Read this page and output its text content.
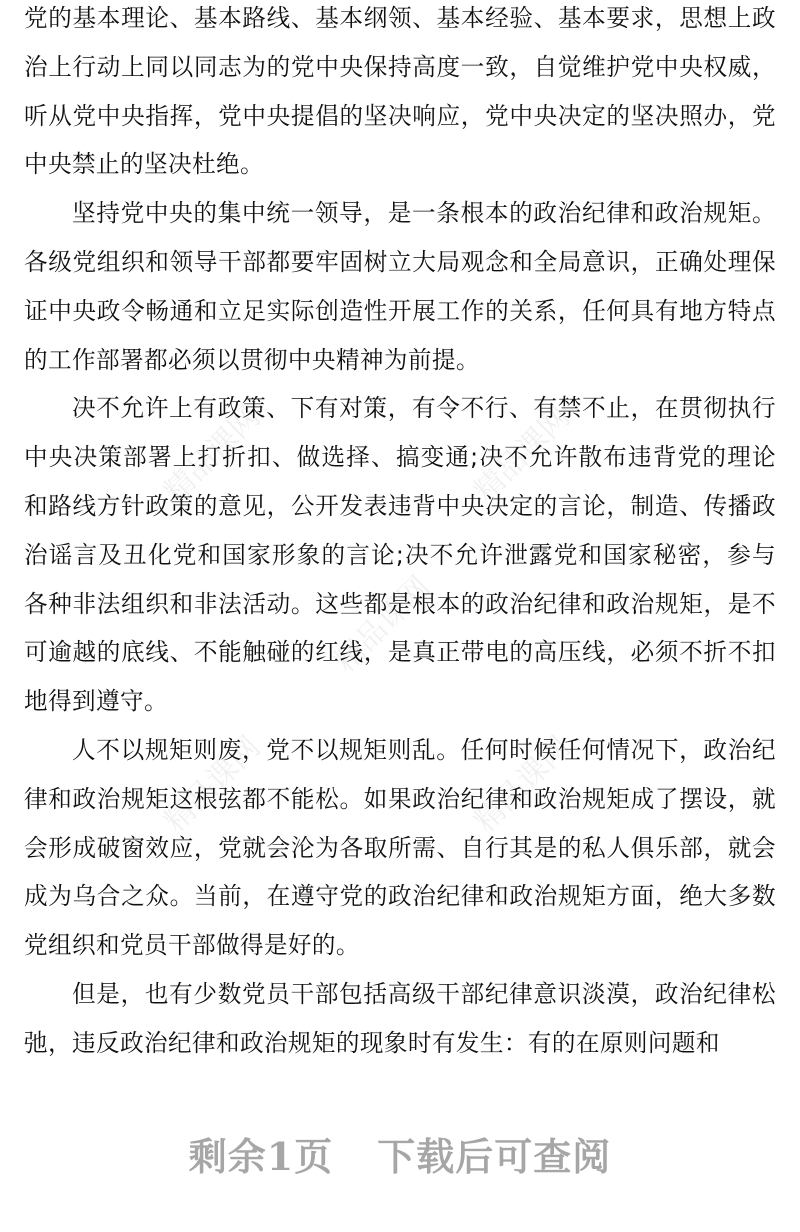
精品课网	精品课网
精品课网	精品课网
精品课网

党的基本理论、基本路线、基本纲领、基本经验、基本要求，思想上政治上行动上同以同志为的党中央保持高度一致，自觉维护党中央权威，听从党中央指挥，党中央提倡的坚决响应，党中央决定的坚决照办，党中央禁止的坚决杜绝。

坚持党中央的集中统一领导，是一条根本的政治纪律和政治规矩。各级党组织和领导干部都要牢固树立大局观念和全局意识，正确处理保证中央政令畅通和立足实际创造性开展工作的关系，任何具有地方特点的工作部署都必须以贯彻中央精神为前提。

决不允许上有政策、下有对策，有令不行、有禁不止，在贯彻执行中央决策部署上打折扣、做选择、搞变通;决不允许散布违背党的理论和路线方针政策的意见，公开发表违背中央决定的言论，制造、传播政治谣言及丑化党和国家形象的言论;决不允许泄露党和国家秘密，参与各种非法组织和非法活动。这些都是根本的政治纪律和政治规矩，是不可逾越的底线、不能触碰的红线，是真正带电的高压线，必须不折不扣地得到遵守。

人不以规矩则废，党不以规矩则乱。任何时候任何情况下，政治纪律和政治规矩这根弦都不能松。如果政治纪律和政治规矩成了摆设，就会形成破窗效应，党就会沦为各取所需、自行其是的私人俱乐部，就会成为乌合之众。当前，在遵守党的政治纪律和政治规矩方面，绝大多数党组织和党员干部做得是好的。

但是，也有少数党员干部包括高级干部纪律意识淡漠，政治纪律松弛，违反政治纪律和政治规矩的现象时有发生：有的在原则问题和

剩余1页 下载后可查阅
